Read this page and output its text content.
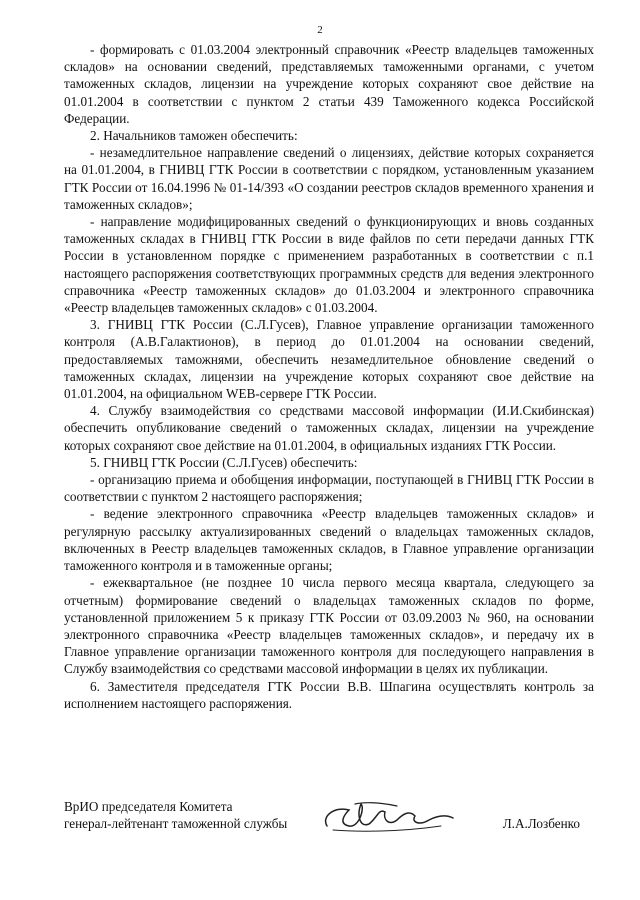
2

- формировать с 01.03.2004 электронный справочник «Реестр владельцев таможенных складов» на основании сведений, представляемых таможенными органами, с учетом таможенных складов, лицензии на учреждение которых сохраняют свое действие на 01.01.2004 в соответствии с пунктом 2 статьи 439 Таможенного кодекса Российской Федерации.

2. Начальников таможен обеспечить:

- незамедлительное направление сведений о лицензиях, действие которых сохраняется на 01.01.2004, в ГНИВЦ ГТК России в соответствии с порядком, установленным указанием ГТК России от 16.04.1996 № 01-14/393 «О создании реестров складов временного хранения и таможенных складов»;

- направление модифицированных сведений о функционирующих и вновь созданных таможенных складах в ГНИВЦ ГТК России в виде файлов по сети передачи данных ГТК России в установленном порядке с применением разработанных в соответствии с п.1 настоящего распоряжения соответствующих программных средств для ведения электронного справочника «Реестр таможенных складов» до 01.03.2004 и электронного справочника «Реестр владельцев таможенных складов» с 01.03.2004.

3. ГНИВЦ ГТК России (С.Л.Гусев), Главное управление организации таможенного контроля (А.В.Галактионов), в период до 01.01.2004 на основании сведений, предоставляемых таможнями, обеспечить незамедлительное обновление сведений о таможенных складах, лицензии на учреждение которых сохраняют свое действие на 01.01.2004, на официальном WEB-сервере ГТК России.

4. Службу взаимодействия со средствами массовой информации (И.И.Скибинская) обеспечить опубликование сведений о таможенных складах, лицензии на учреждение которых сохраняют свое действие на 01.01.2004, в официальных изданиях ГТК России.

5. ГНИВЦ ГТК России (С.Л.Гусев) обеспечить:

- организацию приема и обобщения информации, поступающей в ГНИВЦ ГТК России в соответствии с пунктом 2 настоящего распоряжения;

- ведение электронного справочника «Реестр владельцев таможенных складов» и регулярную рассылку актуализированных сведений о владельцах таможенных складов, включенных в Реестр владельцев таможенных складов, в Главное управление организации таможенного контроля и в таможенные органы;

- ежеквартальное (не позднее 10 числа первого месяца квартала, следующего за отчетным) формирование сведений о владельцах таможенных складов по форме, установленной приложением 5 к приказу ГТК России от 03.09.2003 № 960, на основании электронного справочника «Реестр владельцев таможенных складов», и передачу их в Главное управление организации таможенного контроля для последующего направления в Службу взаимодействия со средствами массовой информации в целях их публикации.

6. Заместителя председателя ГТК России В.В. Шпагина осуществлять контроль за исполнением настоящего распоряжения.

ВрИО председателя Комитета
генерал-лейтенант таможенной службы	Л.А.Лозбенко
